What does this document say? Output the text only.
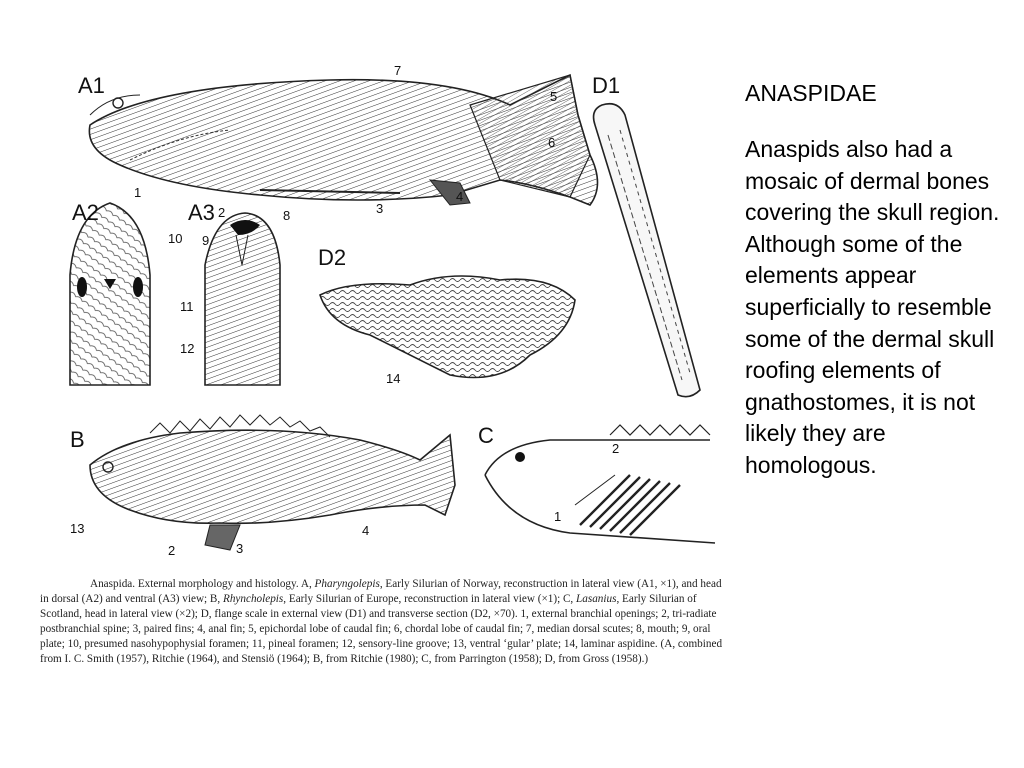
A1
A2	A3
D1
D2
B	C
1
2	3
4
5
6
7
8
9
10
11
12
13
14
2	3
4
2
1

Anaspida. External morphology and histology. A, Pharyngolepis, Early Silurian of Norway, reconstruction in lateral view (A1, ×1), and head in dorsal (A2) and ventral (A3) view; B, Rhyncholepis, Early Silurian of Europe, reconstruction in lateral view (×1); C, Lasanius, Early Silurian of Scotland, head in lateral view (×2); D, flange scale in external view (D1) and transverse section (D2, ×70). 1, external branchial openings; 2, tri-radiate postbranchial spine; 3, paired fins; 4, anal fin; 5, epichordal lobe of caudal fin; 6, chordal lobe of caudal fin; 7, median dorsal scutes; 8, mouth; 9, oral plate; 10, presumed nasohypophysial foramen; 11, pineal foramen; 12, sensory-line groove; 13, ventral ‘gular’ plate; 14, laminar aspidine. (A, combined from I. C. Smith (1957), Ritchie (1964), and Stensiö (1964); B, from Ritchie (1980); C, from Parrington (1958); D, from Gross (1958).)

ANASPIDAE

Anaspids also had a mosaic of dermal bones covering the skull region. Although some of the elements appear superficially to resemble some of the dermal skull roofing elements of gnathostomes, it is not likely they are homologous.
